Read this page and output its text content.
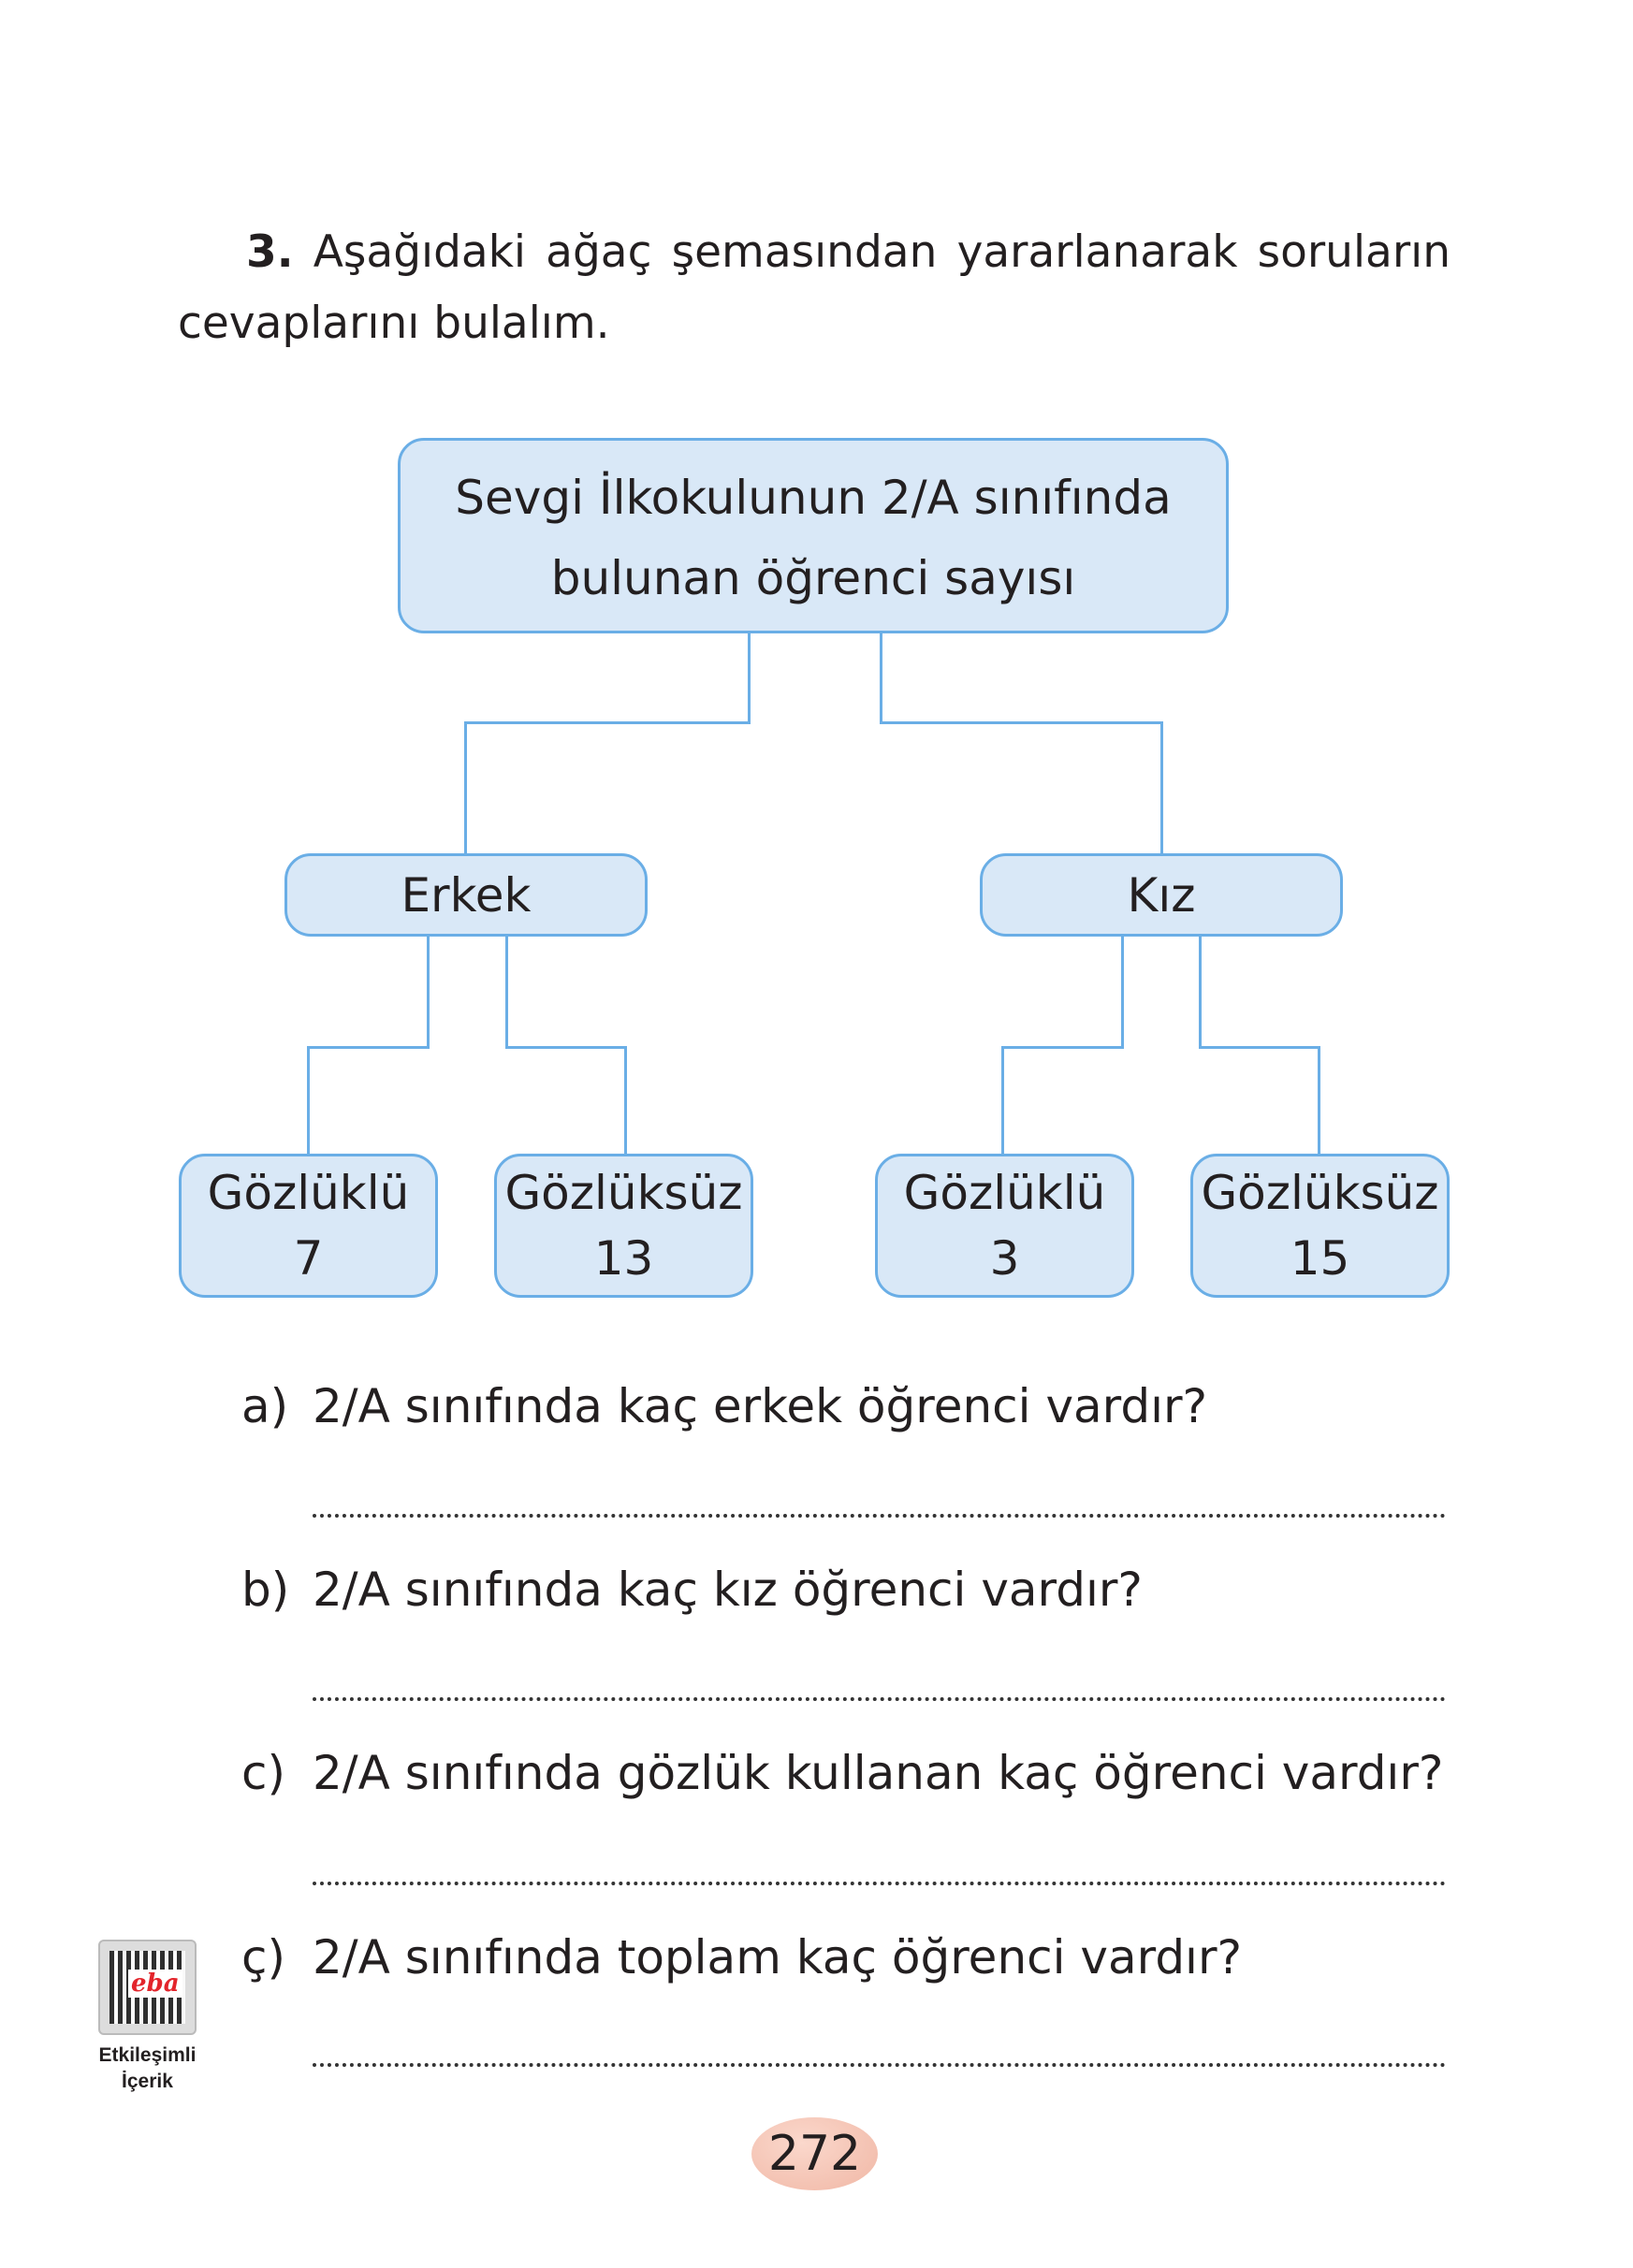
3. Aşağıdaki ağaç şemasından yararlanarak soruların cevaplarını bulalım.
Sevgi İlkokulunun 2/A sınıfında
bulunan öğrenci sayısı
Erkek	Kız
Gözlüklü
7
Gözlüksüz
13
Gözlüklü
3
Gözlüksüz
15
a) 2/A sınıfında kaç erkek öğrenci vardır?
b) 2/A sınıfında kaç kız öğrenci vardır?
c) 2/A sınıfında gözlük kullanan kaç öğrenci vardır?
ç) 2/A sınıfında toplam kaç öğrenci vardır?
eba
Etkileşimli
İçerik
272
